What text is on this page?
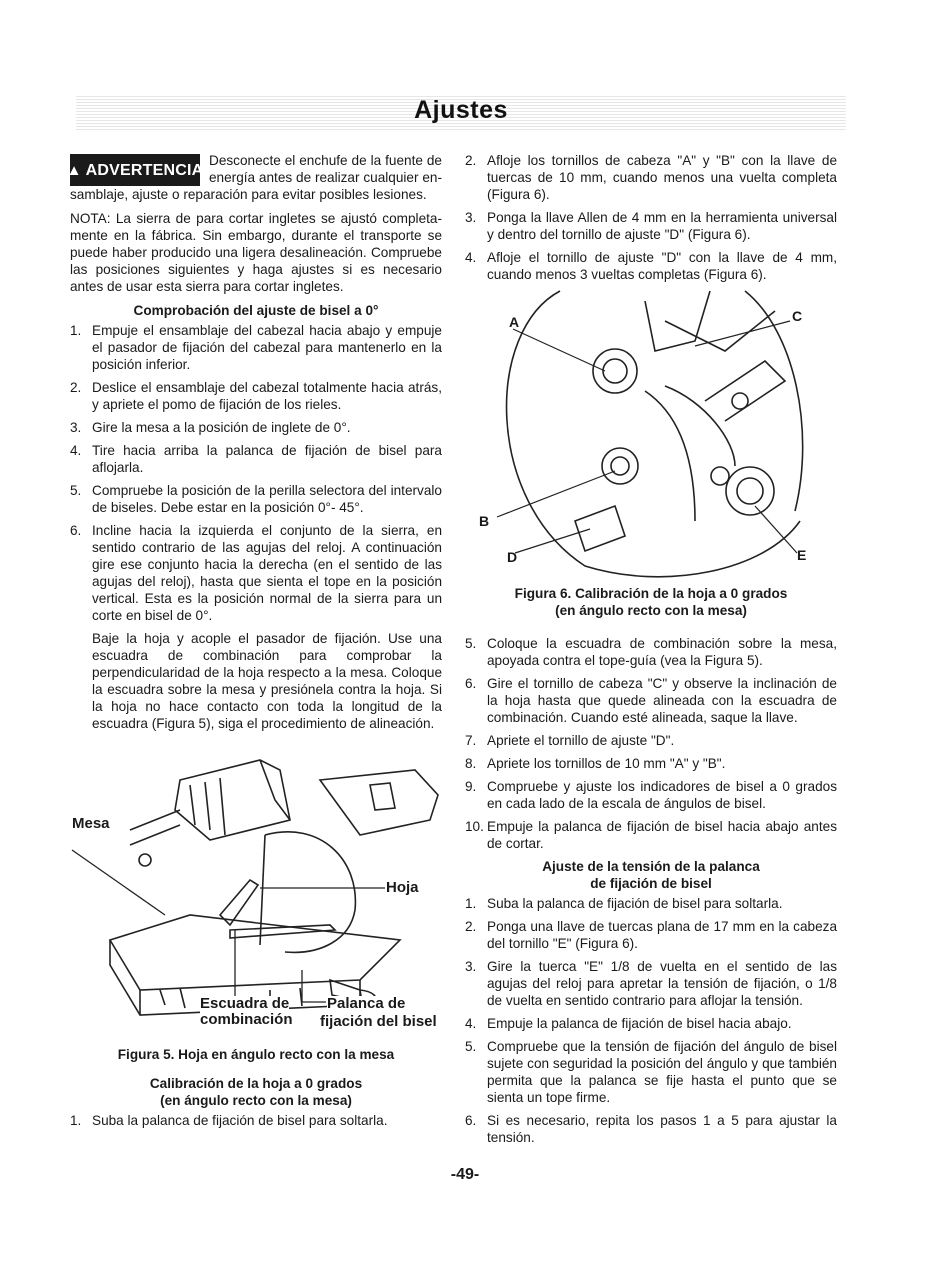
Ajustes
▲ ADVERTENCIA

Desconecte el enchufe de la fuente de energía antes de realizar cualquier ensamblaje, ajuste o reparación para evitar posibles lesiones.

NOTA: La sierra de para cortar ingletes se ajustó completamente en la fábrica. Sin embargo, durante el transporte se puede haber producido una ligera desalineación. Compruebe las posiciones siguientes y haga ajustes si es necesario antes de usar esta sierra para cortar ingletes.

Comprobación del ajuste de bisel a 0°
1. Empuje el ensamblaje del cabezal hacia abajo y empuje el pasador de fijación del cabezal para mantenerlo en la posición inferior.
2. Deslice el ensamblaje del cabezal totalmente hacia atrás, y apriete el pomo de fijación de los rieles.
3. Gire la mesa a la posición de inglete de 0°.
4. Tire hacia arriba la palanca de fijación de bisel para aflojarla.
5. Compruebe la posición de la perilla selectora del intervalo de biseles. Debe estar en la posición 0°- 45°.
6. Incline hacia la izquierda el conjunto de la sierra, en sentido contrario de las agujas del reloj. A continuación gire ese conjunto hacia la derecha (en el sentido de las agujas del reloj), hasta que sienta el tope en la posición vertical. Esta es la posición normal de la sierra para un corte en bisel de 0°.

Baje la hoja y acople el pasador de fijación. Use una escuadra de combinación para comprobar la perpendicularidad de la hoja respecto a la mesa. Coloque la escuadra sobre la mesa y presiónela contra la hoja. Si la hoja no hace contacto con toda la longitud de la escuadra (Figura 5), siga el procedimiento de alineación.

Mesa
Hoja
Escuadra de
combinación
Palanca de
fijación del bisel
Figura 5. Hoja en ángulo recto con la mesa
Calibración de la hoja a 0 grados
(en ángulo recto con la mesa)
1. Suba la palanca de fijación de bisel para soltarla.
2. Afloje los tornillos de cabeza "A" y "B" con la llave de tuercas de 10 mm, cuando menos una vuelta completa (Figura 6).
3. Ponga la llave Allen de 4 mm en la herramienta universal y dentro del tornillo de ajuste "D" (Figura 6).
4. Afloje el tornillo de ajuste "D" con la llave de 4 mm, cuando menos 3 vueltas completas (Figura 6).
A
B
C
D	E
Figura 6. Calibración de la hoja a 0 grados
(en ángulo recto con la mesa)
5. Coloque la escuadra de combinación sobre la mesa, apoyada contra el tope-guía (vea la Figura 5).
6. Gire el tornillo de cabeza "C" y observe la inclinación de la hoja hasta que quede alineada con la escuadra de combinación. Cuando esté alineada, saque la llave.
7. Apriete el tornillo de ajuste "D".
8. Apriete los tornillos de 10 mm "A" y "B".
9. Compruebe y ajuste los indicadores de bisel a 0 grados en cada lado de la escala de ángulos de bisel.
10. Empuje la palanca de fijación de bisel hacia abajo antes de cortar.
Ajuste de la tensión de la palanca
de fijación de bisel
1. Suba la palanca de fijación de bisel para soltarla.
2. Ponga una llave de tuercas plana de 17 mm en la cabeza del tornillo "E" (Figura 6).
3. Gire la tuerca "E" 1/8 de vuelta en el sentido de las agujas del reloj para apretar la tensión de fijación, o 1/8 de vuelta en sentido contrario para aflojar la tensión.
4. Empuje la palanca de fijación de bisel hacia abajo.
5. Compruebe que la tensión de fijación del ángulo de bisel sujete con seguridad la posición del ángulo y que también permita que la palanca se fije hasta el punto que se sienta un tope firme.
6. Si es necesario, repita los pasos 1 a 5 para ajustar la tensión.
-49-
